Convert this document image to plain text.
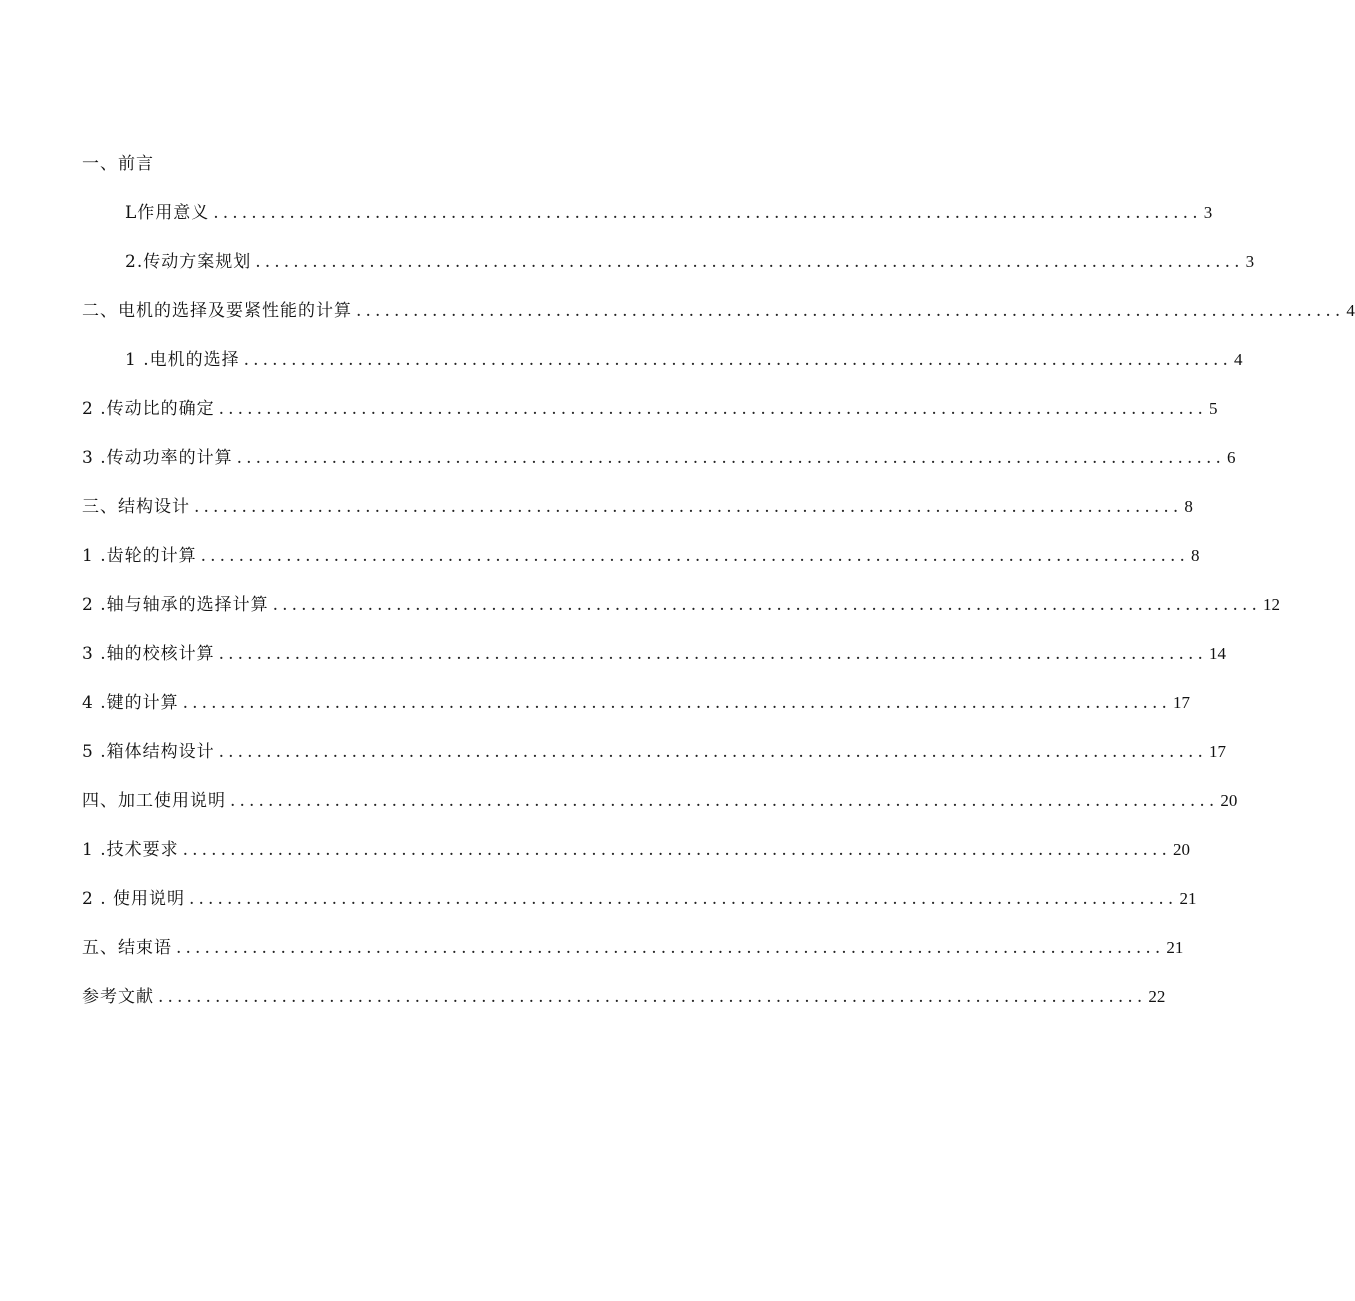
一、前言
L作用意义 ........................................................................................................ 3
2.传动方案规划 ........................................................................................................ 3
二、电机的选择及要紧性能的计算 ........................................................................................................ 4
1 .电机的选择 ........................................................................................................ 4
2 .传动比的确定 ........................................................................................................ 5
3 .传动功率的计算 ........................................................................................................ 6
三、结构设计 ........................................................................................................ 8
1 .齿轮的计算 ........................................................................................................ 8
2 .轴与轴承的选择计算 ........................................................................................................ 12
3 .轴的校核计算 ........................................................................................................ 14
4 .键的计算 ........................................................................................................ 17
5 .箱体结构设计 ........................................................................................................ 17
四、加工使用说明 ........................................................................................................ 20
1 .技术要求 ........................................................................................................ 20
2 . 使用说明 ........................................................................................................ 21
五、结束语 ........................................................................................................ 21
参考文献 ........................................................................................................ 22
